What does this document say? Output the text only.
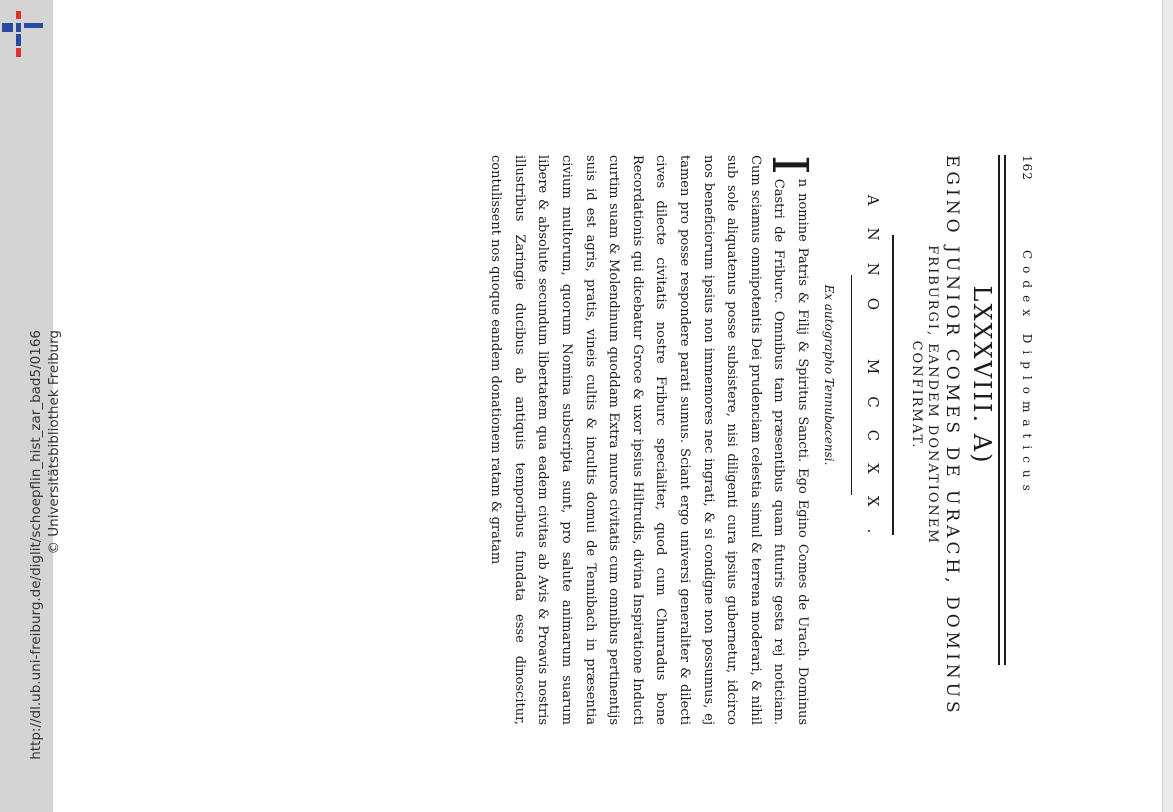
http://dl.ub.uni-freiburg.de/diglit/schoepflin_hist_zar_bad5/0166 © Universitätsbibliothek Freiburg
162
Codex Diplomaticus
LXXXVIII. A)
EGINO JUNIOR COMES DE URACH, DOMINUS
FRIBURGI, EANDEM DONATIONEM
CONFIRMAT.
ANNO MCCXX.
Ex autographo Tennubacensi.
I

n nomine Patris & Filij & Spiritus Sancti. Ego Egino Comes de Urach. Dominus Castri de Friburc. Omnibus tam præsentibus quam futuris gesta rej noticiam. Cum sciamus omnipotentis Dei prudenciam celestia simul & terrena moderari, & nihil sub sole aliquatenus posse subsistere, nisi diligenti cura ipsius gubernetur, idcirco nos beneficiorum ipsius non immemores nec ingrati, & si condigne non possumus, ej tamen pro posse respondere parati sumus. Sciant ergo universi generaliter & dilecti cives dilecte civitatis nostre Friburc specialiter, quod cum Chunradus bone Recordationis qui dicebatur Groce & uxor ipsius Hiltrudis, divina Inspiratione Inducti curtim suam & Molendinum quoddam Extra muros civitatis cum omnibus pertinentijs suis id est agris, pratis, vineis cultis & incultis domui de Tennibach in præsentia civium multorum, quorum Nomina subscripta sunt, pro salute animarum suarum libere & absolute secundum libertatem qua eadem civitas ab Avis & Proavis nostris illustribus Zaringie ducibus ab antiquis temporibus fundata esse dinoscitur, contulissent nos quoque eandem donationem ratam & gratam
